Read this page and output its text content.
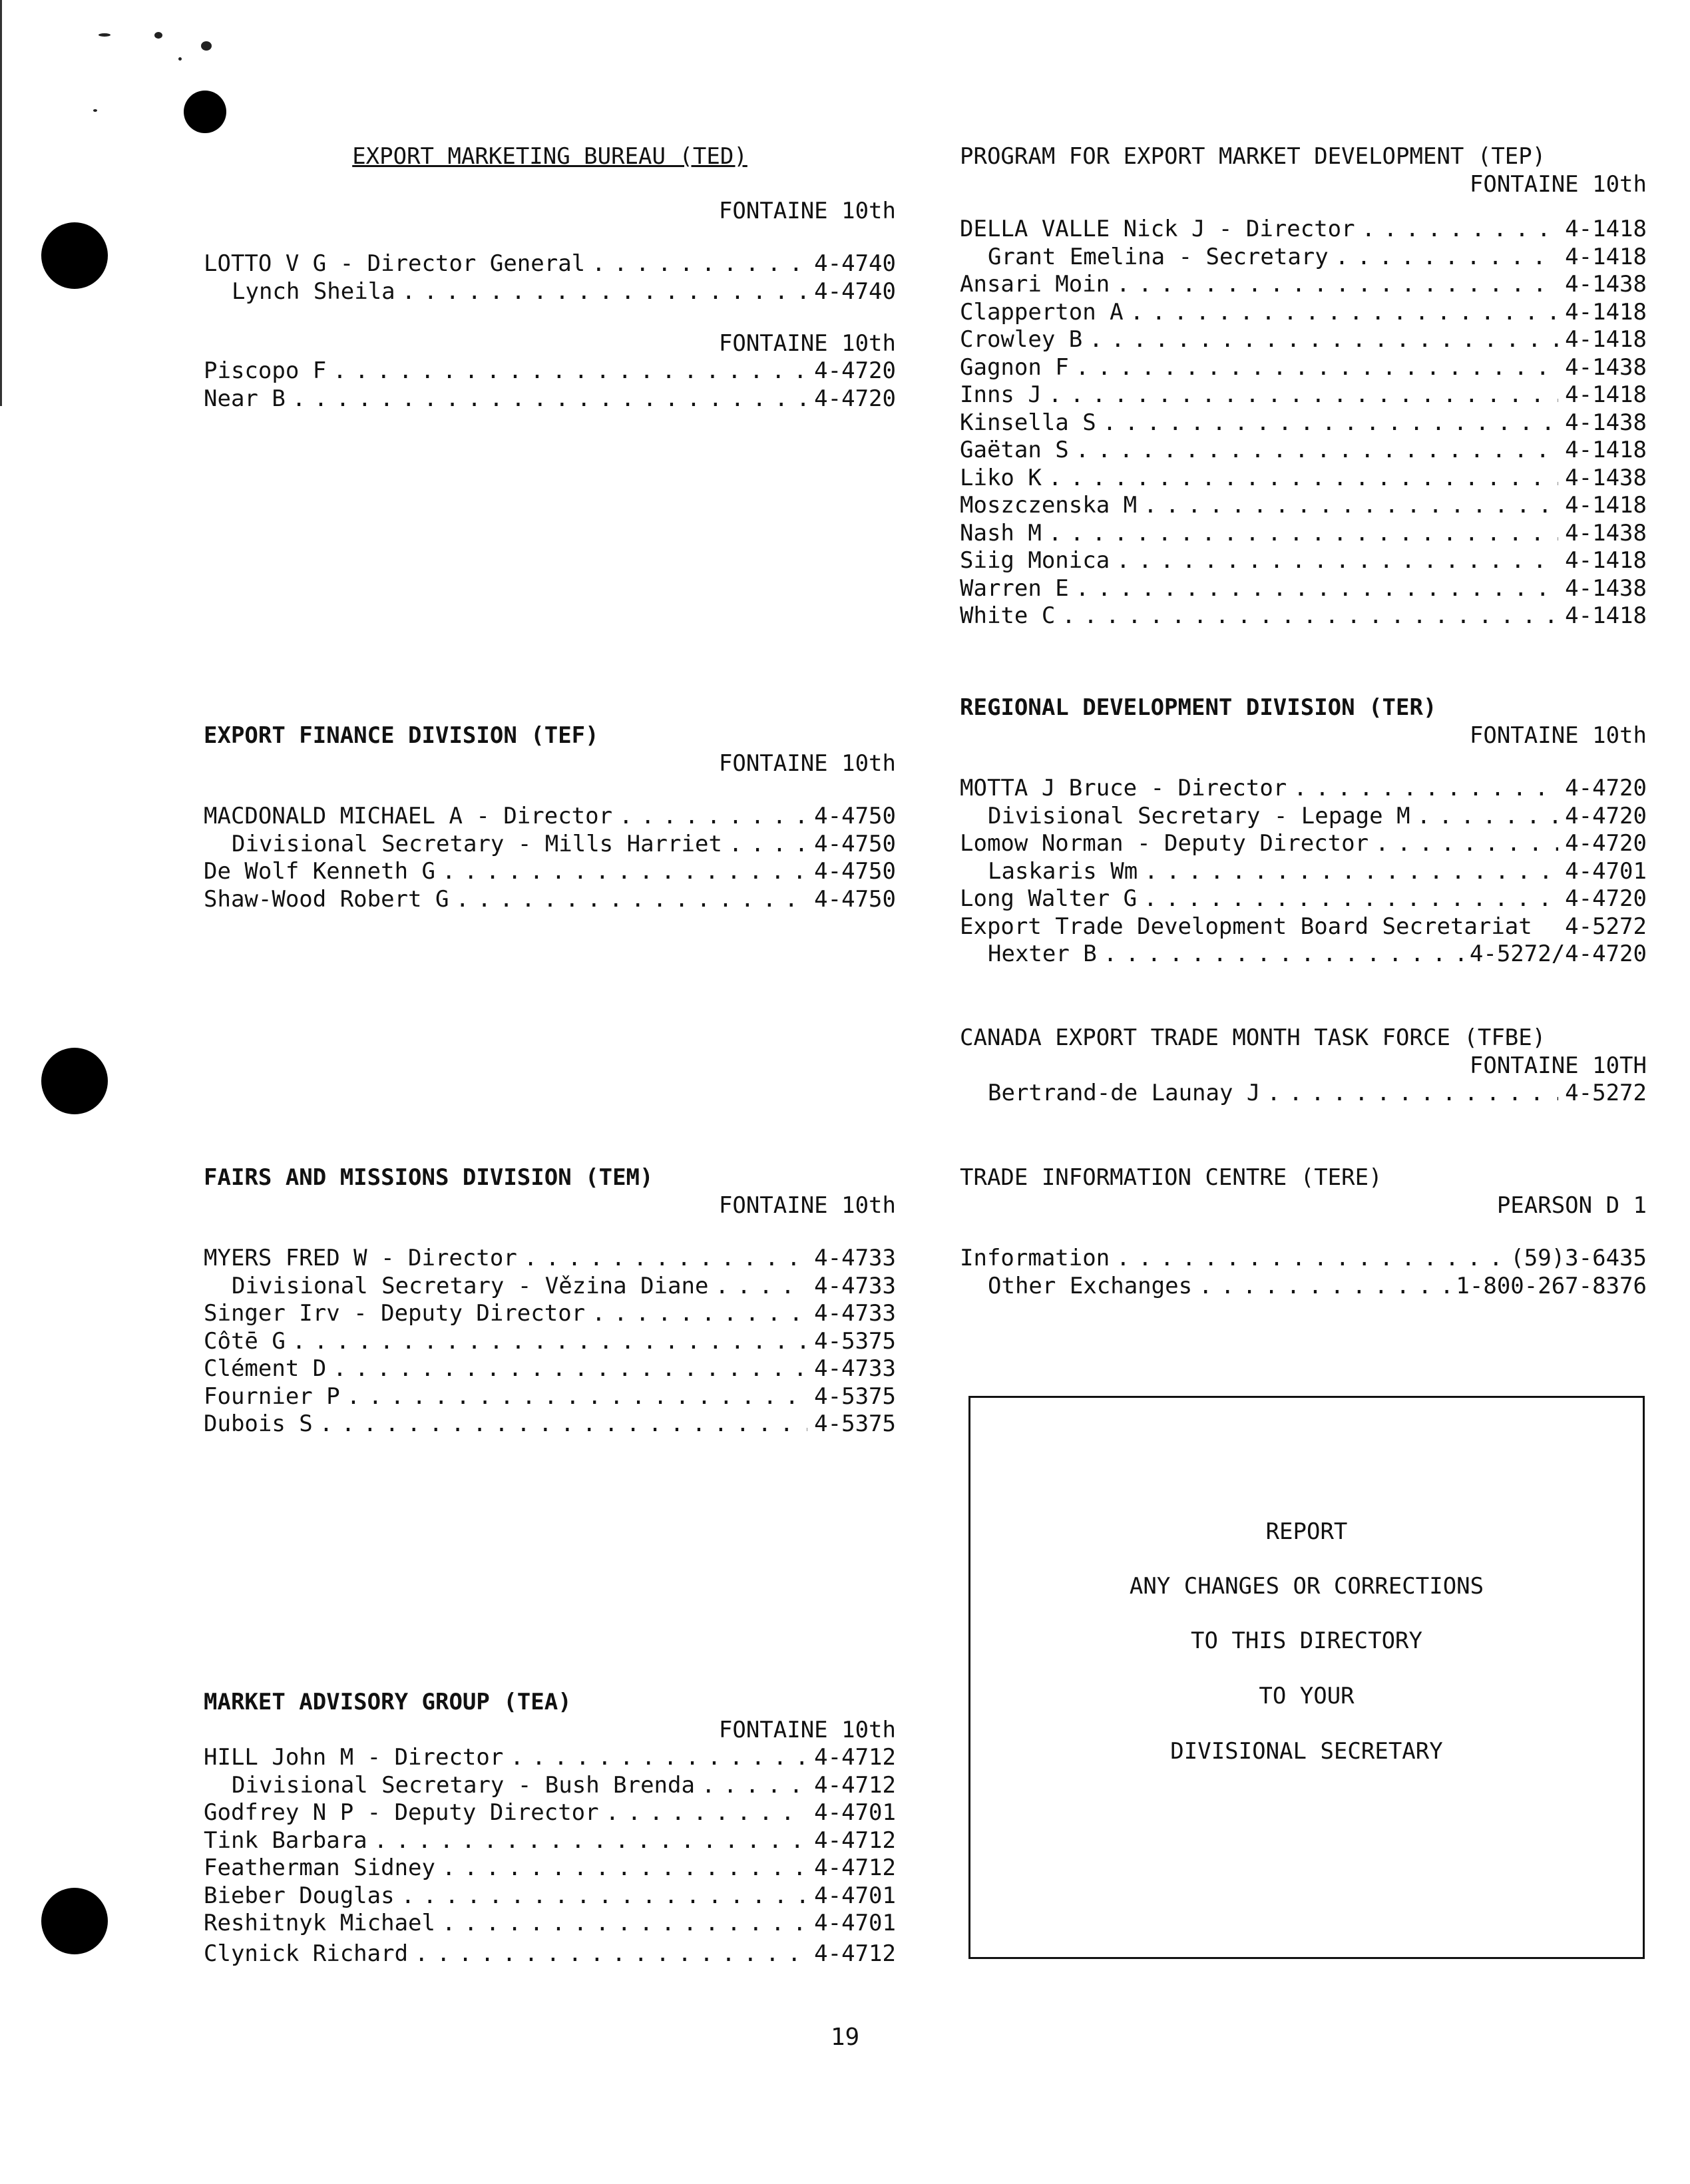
EXPORT MARKETING BUREAU (TED)
FONTAINE 10th
LOTTO V G - Director General . . .	4-4740
Lynch Sheila . . .	4-4740
FONTAINE 10th
Piscopo F . . .	4-4720
Near B . . .	4-4720
EXPORT FINANCE DIVISION (TEF)
FONTAINE 10th
MACDONALD MICHAEL A - Director . . .	4-4750
Divisional Secretary - Mills Harriet . . .	4-4750
De Wolf Kenneth G . . .	4-4750
Shaw-Wood Robert G . . .	4-4750
FAIRS AND MISSIONS DIVISION (TEM)
FONTAINE 10th
MYERS FRED W - Director . . .	4-4733
Divisional Secretary - Vězina Diane . . .	4-4733
Singer Irv - Deputy Director . . .	4-4733
Côtē G . . .	4-5375
Clément D . . .	4-4733
Fournier P . . .	4-5375
Dubois S . . .	4-5375
MARKET ADVISORY GROUP (TEA)
FONTAINE 10th
HILL John M - Director . . .	4-4712
Divisional Secretary - Bush Brenda . . .	4-4712
Godfrey N P - Deputy Director . . .	4-4701
Tink Barbara . . .	4-4712
Featherman Sidney . . .	4-4712
Bieber Douglas . . .	4-4701
Reshitnyk Michael . . .	4-4701
Clynick Richard . . .	4-4712
PROGRAM FOR EXPORT MARKET DEVELOPMENT (TEP)
FONTAINE 10th
DELLA VALLE Nick J - Director . . .	4-1418
Grant Emelina - Secretary . . .	4-1418
Ansari Moin . . .	4-1438
Clapperton A . . .	4-1418
Crowley B . . .	4-1418
Gagnon F . . .	4-1438
Inns J . . .	4-1418
Kinsella S . . .	4-1438
Gaëtan S . . .	4-1418
Liko K . . .	4-1438
Moszczenska M . . .	4-1418
Nash M . . .	4-1438
Siig Monica . . .	4-1418
Warren E . . .	4-1438
White C . . .	4-1418
REGIONAL DEVELOPMENT DIVISION (TER)
FONTAINE 10th
MOTTA J Bruce - Director . . .	4-4720
Divisional Secretary - Lepage M . . .	4-4720
Lomow Norman - Deputy Director . . .	4-4720
Laskaris Wm . . .	4-4701
Long Walter G . . .	4-4720
Export Trade Development Board Secretariat 4-5272
Hexter B . . .	4-5272/4-4720
CANADA EXPORT TRADE MONTH TASK FORCE (TFBE)
FONTAINE 10TH
Bertrand-de Launay J . . .	4-5272
TRADE INFORMATION CENTRE (TERE)
PEARSON D 1
Information . . .	(59)3-6435
Other Exchanges . . .	1-800-267-8376
REPORT
ANY CHANGES OR CORRECTIONS
TO THIS DIRECTORY
TO YOUR
DIVISIONAL SECRETARY
19
